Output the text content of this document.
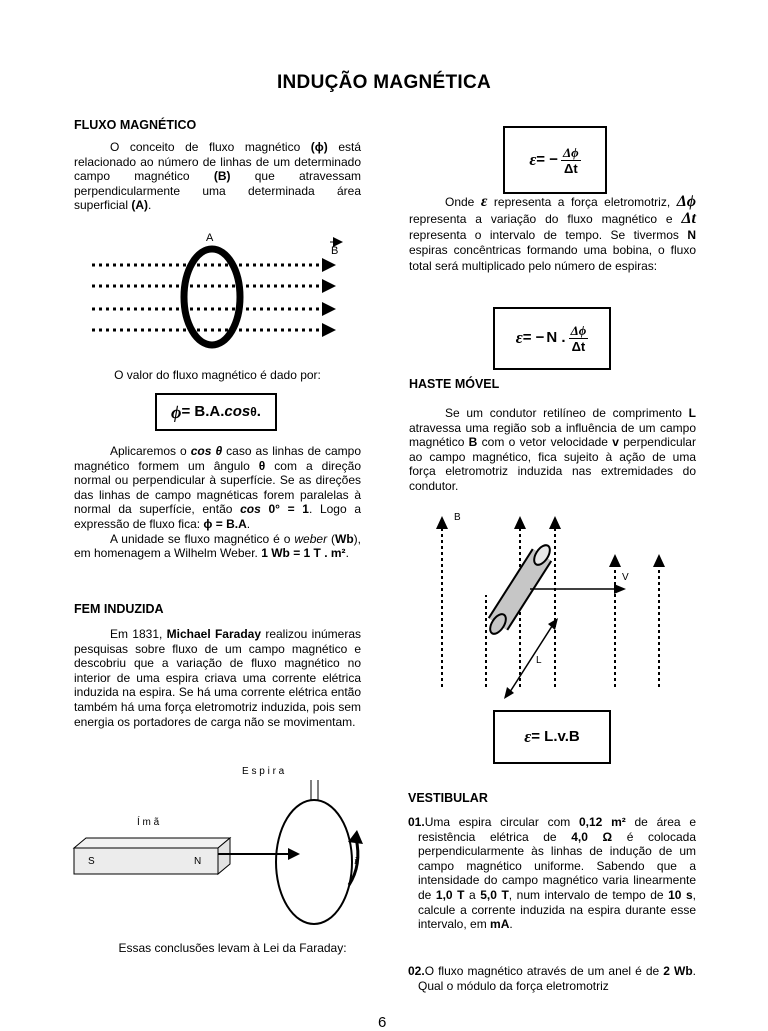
INDUÇÃO MAGNÉTICA
FLUXO MAGNÉTICO

O conceito de fluxo magnético (ϕ) está relacionado ao número de linhas de um determinado campo magnético (B) que atravessam perpendicularmente uma determinada área superficial (A).

A
B
O valor do fluxo magnético é dado por:
ϕ = B.A. cos θ .

Aplicaremos o cos θ caso as linhas de campo magnético formem um ângulo θ com a direção normal ou perpendicular à superfície. Se as direções das linhas de campo magnéticas forem paralelas à normal da superfície, então cos 0° = 1. Logo a expressão de fluxo fica: ϕ = B.A.

A unidade se fluxo magnético é o weber (Wb), em homenagem a Wilhelm Weber. 1 Wb = 1 T . m².

FEM INDUZIDA

Em 1831, Michael Faraday realizou inúmeras pesquisas sobre fluxo de um campo magnético e descobriu que a variação de fluxo magnético no interior de uma espira criava uma corrente elétrica induzida na espira. Se há uma corrente elétrica então também há uma força eletromotriz induzida, pois sem energia os portadores de carga não se movimentam.

E s p i r a
Í m ã
S	N	i
Essas conclusões levam à Lei da Faraday:
ε = − $\frac{\Delta\phi}{\Delta t}$

Onde ε representa a força eletromotriz, Δϕ representa a variação do fluxo magnético e Δt representa o intervalo de tempo. Se tivermos N espiras concêntricas formando uma bobina, o fluxo total será multiplicado pelo número de espiras:

ε = − N . $\frac{\Delta\phi}{\Delta t}$
HASTE MÓVEL

Se um condutor retilíneo de comprimento L atravessa uma região sob a influência de um campo magnético B com o vetor velocidade v perpendicular ao campo magnético, fica sujeito à ação de uma força eletromotriz induzida nas extremidades do condutor.

B
V
L
ε = L.v.B
VESTIBULAR

01.Uma espira circular com 0,12 m² de área e resistência elétrica de 4,0 Ω é colocada perpendicularmente às linhas de indução de um campo magnético uniforme. Sabendo que a intensidade do campo magnético varia linearmente de 1,0 T a 5,0 T, num intervalo de tempo de 10 s, calcule a corrente induzida na espira durante esse intervalo, em mA.

02.O fluxo magnético através de um anel é de 2 Wb. Qual o módulo da força eletromotriz

6
